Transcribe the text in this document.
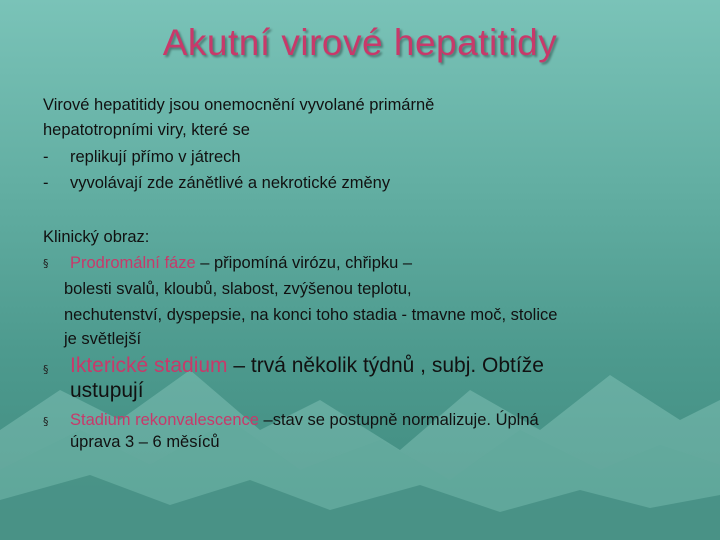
Akutní virové hepatitidy
Virové hepatitidy jsou onemocnění vyvolané primárně
hepatotropními viry, které se
- replikují přímo v játrech
- vyvolávají zde zánětlivé a nekrotické změny
Klinický obraz:
§ Prodromální fáze – připomíná virózu, chřipku –
bolesti svalů, kloubů, slabost, zvýšenou teplotu,
nechutenství, dyspepsie, na konci toho stadia - tmavne moč, stolice
je světlejší
§ Ikterické stadium – trvá několik týdnů , subj. Obtíže
ustupují
§ Stadium rekonvalescence –stav se postupně normalizuje. Úplná
úprava 3 – 6 měsíců
